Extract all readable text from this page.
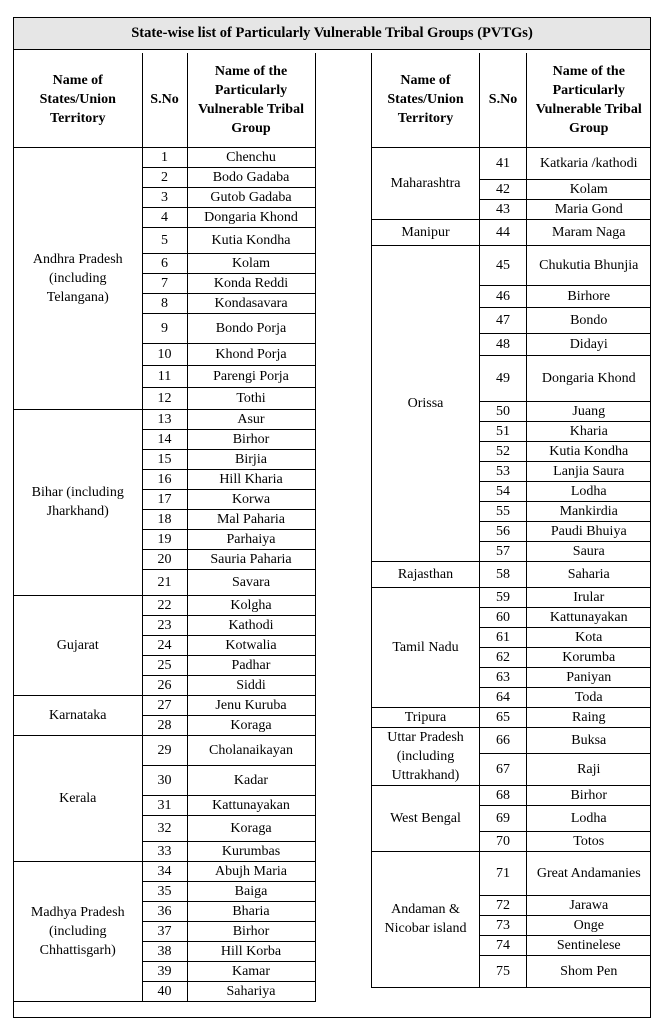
State-wise list of Particularly Vulnerable Tribal Groups (PVTGs)
Name of States/Union Territory	S.No	Name of the Particularly Vulnerable Tribal Group
Andhra Pradesh (including Telangana)	1	Chenchu
	2	Bodo Gadaba
	3	Gutob Gadaba
	4	Dongaria Khond
	5	Kutia Kondha
	6	Kolam
	7	Konda Reddi
	8	Kondasavara
	9	Bondo Porja
	10	Khond Porja
	11	Parengi Porja
	12	Tothi
Bihar (including Jharkhand)	13	Asur
	14	Birhor
	15	Birjia
	16	Hill Kharia
	17	Korwa
	18	Mal Paharia
	19	Parhaiya
	20	Sauria Paharia
	21	Savara
Gujarat	22	Kolgha
	23	Kathodi
	24	Kotwalia
	25	Padhar
	26	Siddi
Karnataka	27	Jenu Kuruba
	28	Koraga
Kerala	29	Cholanaikayan
	30	Kadar
	31	Kattunayakan
	32	Koraga
	33	Kurumbas
Madhya Pradesh (including Chhattisgarh)	34	Abujh Maria
	35	Baiga
	36	Bharia
	37	Birhor
	38	Hill Korba
	39	Kamar
	40	Sahariya
Name of States/Union Territory	S.No	Name of the Particularly Vulnerable Tribal Group
Maharashtra	41	Katkaria /kathodi
	42	Kolam
	43	Maria Gond
Manipur	44	Maram Naga
Orissa	45	Chukutia Bhunjia
	46	Birhore
	47	Bondo
	48	Didayi
	49	Dongaria Khond
	50	Juang
	51	Kharia
	52	Kutia Kondha
	53	Lanjia Saura
	54	Lodha
	55	Mankirdia
	56	Paudi Bhuiya
	57	Saura
Rajasthan	58	Saharia
Tamil Nadu	59	Irular
	60	Kattunayakan
	61	Kota
	62	Korumba
	63	Paniyan
	64	Toda
Tripura	65	Raing
Uttar Pradesh (including Uttrakhand)	66	Buksa
	67	Raji
West Bengal	68	Birhor
	69	Lodha
	70	Totos
Andaman & Nicobar island	71	Great Andamanies
	72	Jarawa
	73	Onge
	74	Sentinelese
	75	Shom Pen
